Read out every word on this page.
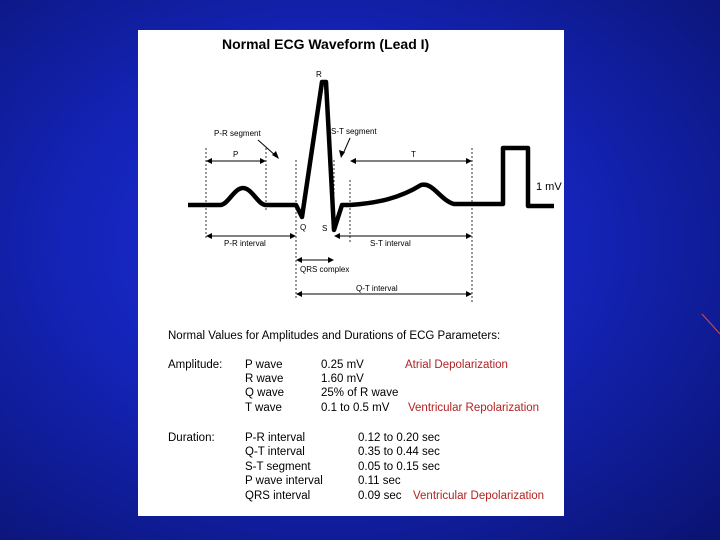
Normal ECG Waveform (Lead I)
R
P-R segment	S-T segment
P	T
1 mV
Q S
P-R interval	S-T interval
QRS complex
Q-T interval
Normal Values for Amplitudes and Durations of ECG Parameters:
Amplitude: P wave	0.25 mV	Atrial Depolarization
R wave	1.60 mV
Q wave	25% of R wave
T wave	0.1 to 0.5 mV Ventricular Repolarization
Duration:	P-R interval	0.12 to 0.20 sec
Q-T interval	0.35 to 0.44 sec
S-T segment	0.05 to 0.15 sec
P wave interval	0.11 sec
QRS interval	0.09 sec Ventricular Depolarization
